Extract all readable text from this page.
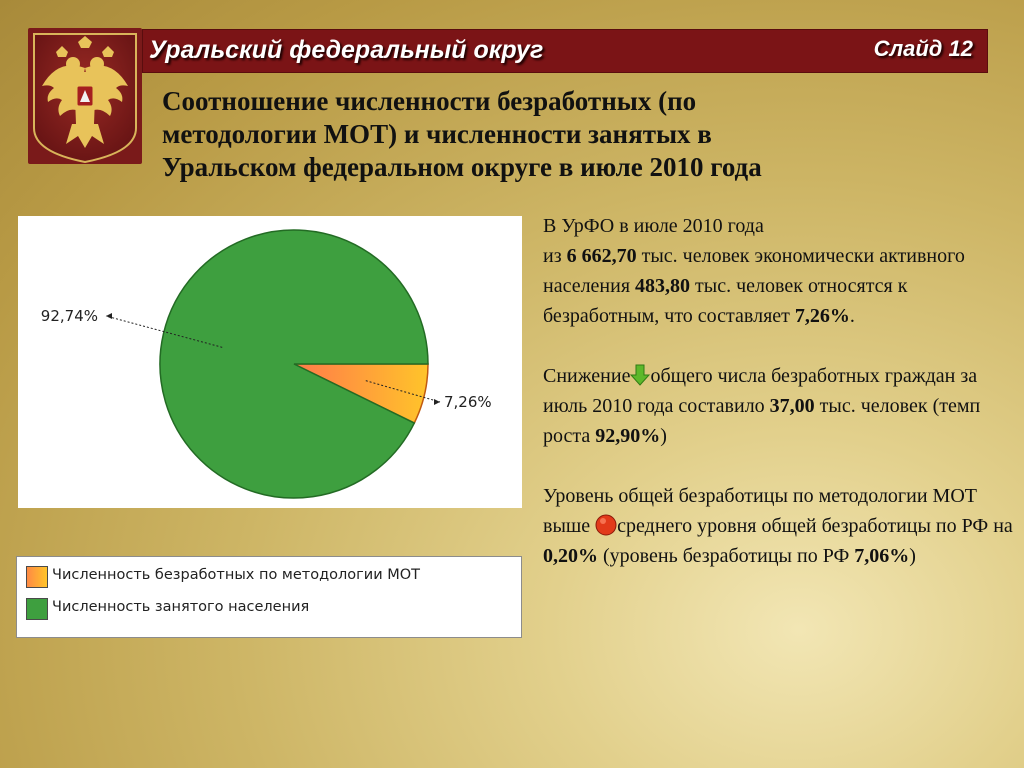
Уральский федеральный округ	Слайд 12
Соотношение численности безработных (по
методологии МОТ) и численности занятых в
Уральском федеральном округе в июле 2010 года
7,26%
92,74%
Численность безработных по методологии МОТ
Численность занятого населения

В УрФО в июле 2010 года
из 6 662,70 тыс. человек экономически активного населения 483,80 тыс. человек относятся к безработным, что составляет 7,26%.

Снижение общего числа безработных граждан за июль 2010 года составило 37,00 тыс. человек (темп роста 92,90%)

Уровень общей безработицы по методологии МОТ выше среднего уровня общей безработицы по РФ на 0,20% (уровень безработицы по РФ 7,06%)
